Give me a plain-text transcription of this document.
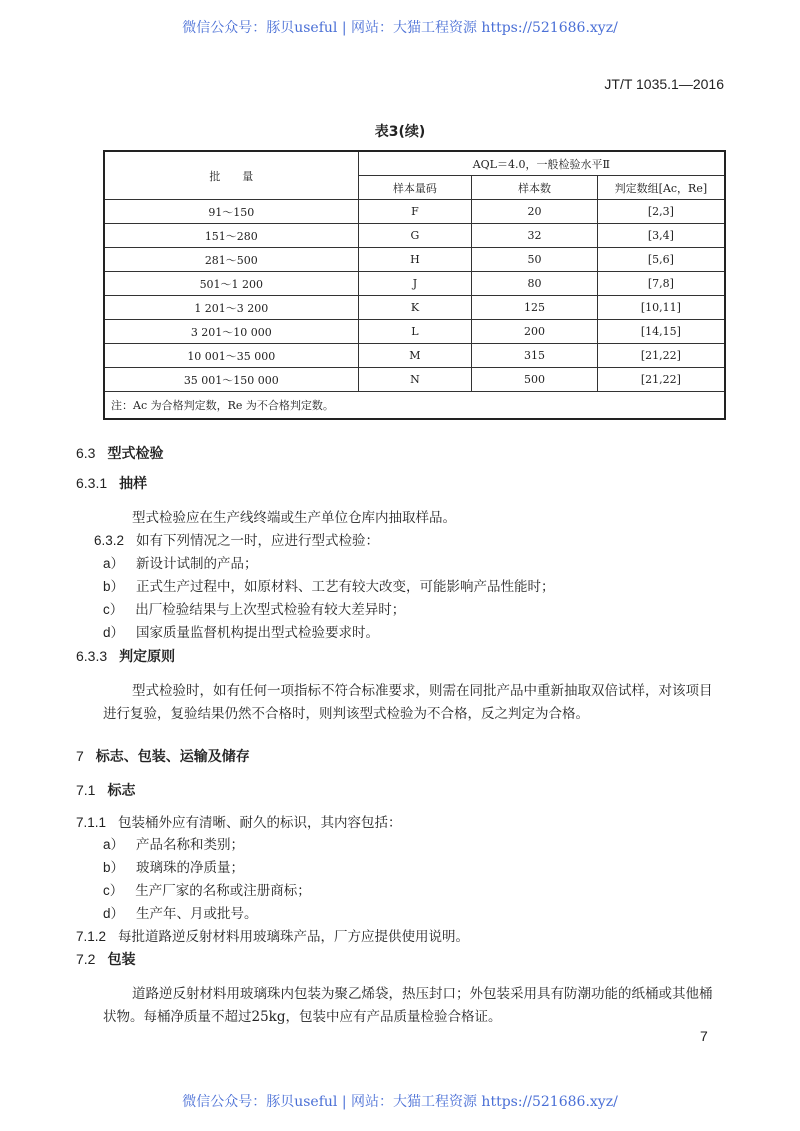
微信公众号：豚贝useful | 网站：大猫工程资源 https://521686.xyz/
JT/T 1035.1—2016
表3(续)
批　　量	AQL＝4.0，一般检验水平Ⅱ		
	样本量码	样本数	判定数组[Ac，Re]
91～150	F	20	[2,3]
151～280	G	32	[3,4]
281～500	H	50	[5,6]
501～1 200	J	80	[7,8]
1 201～3 200	K	125	[10,11]
3 201～10 000	L	200	[14,15]
10 001～35 000	M	315	[21,22]
35 001～150 000	N	500	[21,22]
注：Ac 为合格判定数，Re 为不合格判定数。			
6.3 型式检验
6.3.1 抽样
型式检验应在生产线终端或生产单位仓库内抽取样品。
6.3.2 如有下列情况之一时，应进行型式检验：
a） 新设计试制的产品；
b） 正式生产过程中，如原材料、工艺有较大改变，可能影响产品性能时；
c） 出厂检验结果与上次型式检验有较大差异时；
d） 国家质量监督机构提出型式检验要求时。
6.3.3 判定原则
型式检验时，如有任何一项指标不符合标准要求，则需在同批产品中重新抽取双倍试样，对该项目
进行复验，复验结果仍然不合格时，则判该型式检验为不合格，反之判定为合格。
7 标志、包装、运输及储存
7.1 标志
7.1.1 包装桶外应有清晰、耐久的标识，其内容包括：
a） 产品名称和类别；
b） 玻璃珠的净质量；
c） 生产厂家的名称或注册商标；
d） 生产年、月或批号。
7.1.2 每批道路逆反射材料用玻璃珠产品，厂方应提供使用说明。
7.2 包装
道路逆反射材料用玻璃珠内包装为聚乙烯袋，热压封口；外包装采用具有防潮功能的纸桶或其他桶
状物。每桶净质量不超过25kg，包装中应有产品质量检验合格证。
7
微信公众号：豚贝useful | 网站：大猫工程资源 https://521686.xyz/
